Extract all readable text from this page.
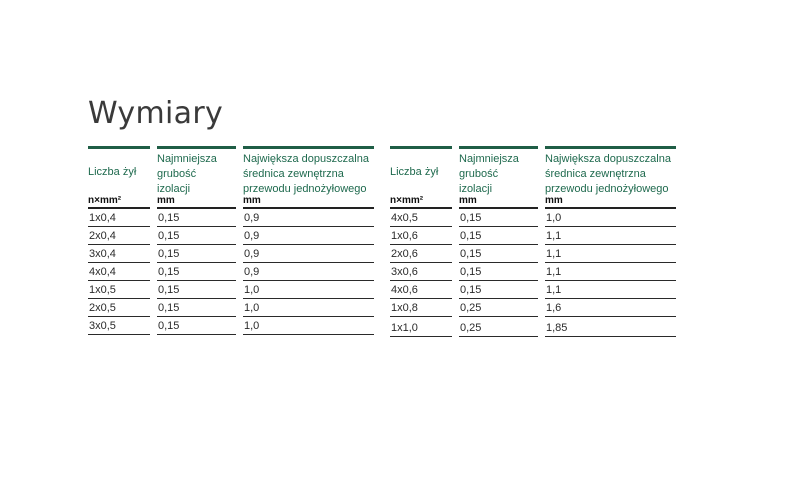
Wymiary
Liczba żył
n×mm²
1x0,4
2x0,4
3x0,4
4x0,4
1x0,5
2x0,5
3x0,5
Najmniejsza
grubość
izolacji
mm
0,15
0,15
0,15
0,15
0,15
0,15
0,15
Największa dopuszczalna
średnica zewnętrzna
przewodu jednożyłowego
mm
0,9
0,9
0,9
0,9
1,0
1,0
1,0
Liczba żył
n×mm²
4x0,5
1x0,6
2x0,6
3x0,6
4x0,6
1x0,8
1x1,0
Najmniejsza
grubość
izolacji
mm
0,15
0,15
0,15
0,15
0,15
0,25
0,25
Największa dopuszczalna
średnica zewnętrzna
przewodu jednożyłowego
mm
1,0
1,1
1,1
1,1
1,1
1,6
1,85
